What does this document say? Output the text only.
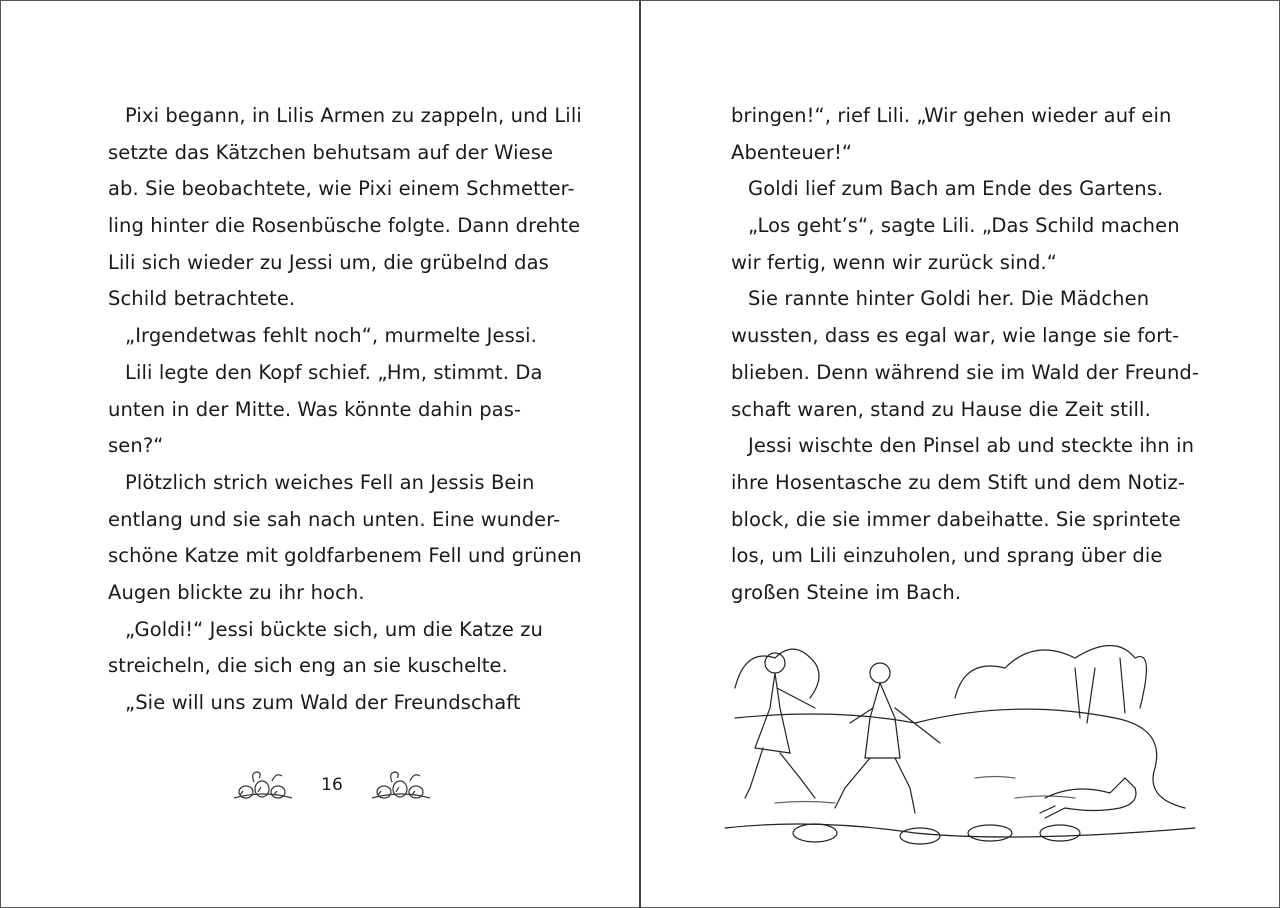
Pixi begann, in Lilis Armen zu zappeln, und Lili
setzte das Kätzchen behutsam auf der Wiese
ab. Sie beobachtete, wie Pixi einem Schmetter-
ling hinter die Rosenbüsche folgte. Dann drehte
Lili sich wieder zu Jessi um, die grübelnd das
Schild betrachtete.
„Irgendetwas fehlt noch“, murmelte Jessi.
Lili legte den Kopf schief. „Hm, stimmt. Da
unten in der Mitte. Was könnte dahin pas-
sen?“
Plötzlich strich weiches Fell an Jessis Bein
entlang und sie sah nach unten. Eine wunder-
schöne Katze mit goldfarbenem Fell und grünen
Augen blickte zu ihr hoch.
„Goldi!“ Jessi bückte sich, um die Katze zu
streicheln, die sich eng an sie kuschelte.
„Sie will uns zum Wald der Freundschaft
bringen!“, rief Lili. „Wir gehen wieder auf ein
Abenteuer!“
Goldi lief zum Bach am Ende des Gartens.
„Los geht’s“, sagte Lili. „Das Schild machen
wir fertig, wenn wir zurück sind.“
Sie rannte hinter Goldi her. Die Mädchen
wussten, dass es egal war, wie lange sie fort-
blieben. Denn während sie im Wald der Freund-
schaft waren, stand zu Hause die Zeit still.
Jessi wischte den Pinsel ab und steckte ihn in
ihre Hosentasche zu dem Stift und dem Notiz-
block, die sie immer dabeihatte. Sie sprintete
los, um Lili einzuholen, und sprang über die
großen Steine im Bach.
16
